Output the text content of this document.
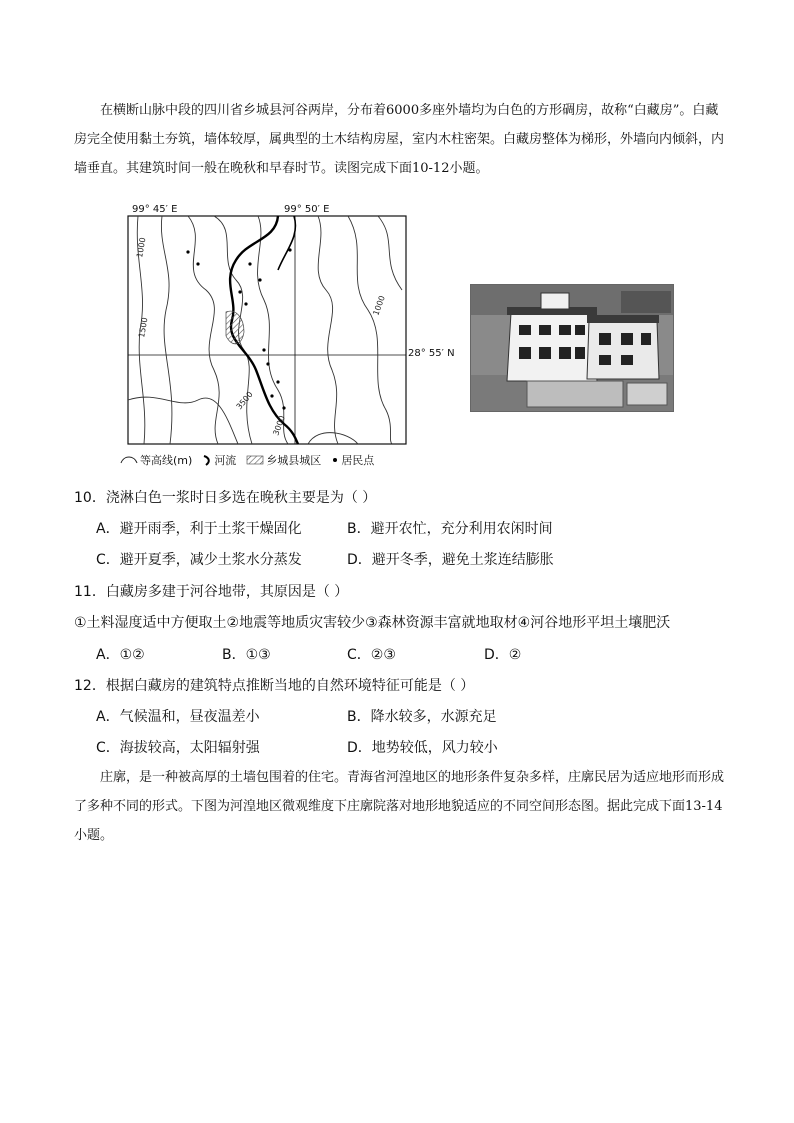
在横断山脉中段的四川省乡城县河谷两岸，分布着6000多座外墙均为白色的方形碉房，故称“白藏房”。白藏房完全使用黏土夯筑，墙体较厚，属典型的土木结构房屋，室内木柱密架。白藏房整体为梯形，外墙向内倾斜，内墙垂直。其建筑时间一般在晚秋和早春时节。读图完成下面10-12小题。

99° 45′ E	99° 50′ E
1000
1500
1000
3500
3000
28° 55′ N
等高线(m) 河流	乡城县城区 居民点

10．浇淋白色一浆时日多选在晚秋主要是为（ ）

A．避开雨季，利于土浆干燥固化	B．避开农忙，充分利用农闲时间
C．避开夏季，减少土浆水分蒸发	D．避开冬季，避免土浆连结膨胀

11．白藏房多建于河谷地带，其原因是（ ）

①土料湿度适中方便取土②地震等地质灾害较少③森林资源丰富就地取材④河谷地形平坦土壤肥沃

A．①②	B．①③	C．②③	D．②

12．根据白藏房的建筑特点推断当地的自然环境特征可能是（ ）

A．气候温和，昼夜温差小	B．降水较多，水源充足
C．海拔较高，太阳辐射强	D．地势较低，风力较小

庄廓，是一种被高厚的土墙包围着的住宅。青海省河湟地区的地形条件复杂多样，庄廓民居为适应地形而形成了多种不同的形式。下图为河湟地区微观维度下庄廓院落对地形地貌适应的不同空间形态图。据此完成下面13-14小题。
